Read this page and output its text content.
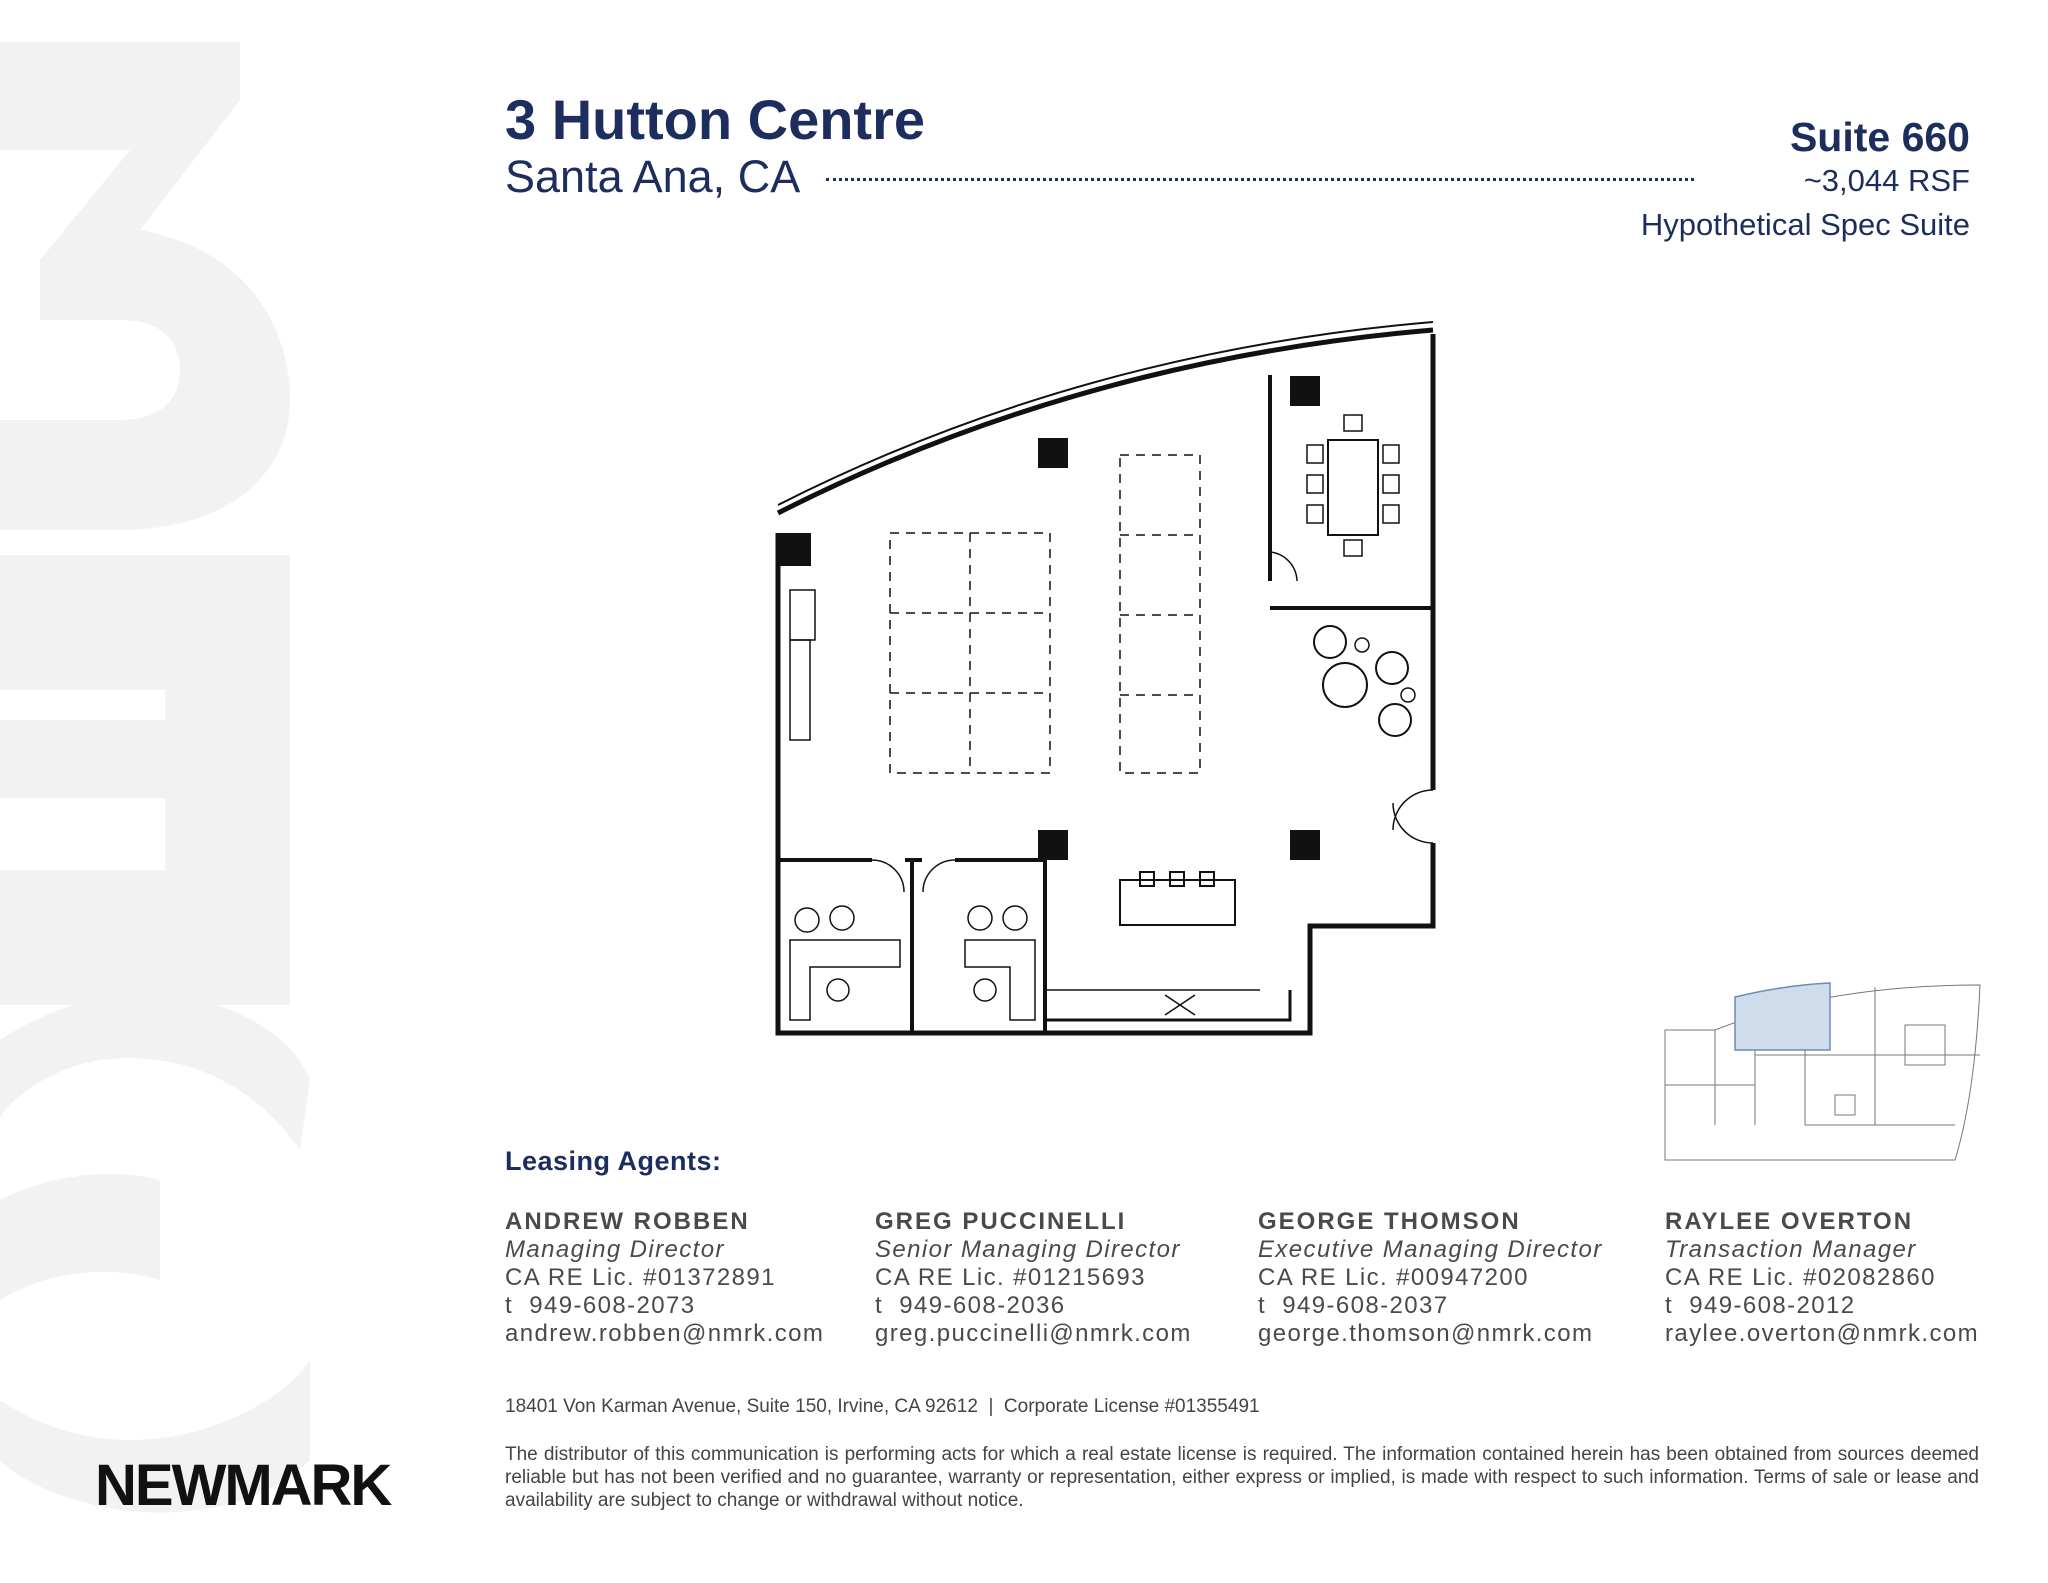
3 Hutton Centre
Santa Ana, CA
Suite 660
~3,044 RSF
Hypothetical Spec Suite
Leasing Agents:
ANDREW ROBBEN
Managing Director
CA RE Lic. #01372891
t  949-608-2073
andrew.robben@nmrk.com
GREG PUCCINELLI
Senior Managing Director
CA RE Lic. #01215693
t  949-608-2036
greg.puccinelli@nmrk.com
GEORGE THOMSON
Executive Managing Director
CA RE Lic. #00947200
t  949-608-2037
george.thomson@nmrk.com
RAYLEE OVERTON
Transaction Manager
CA RE Lic. #02082860
t  949-608-2012
raylee.overton@nmrk.com
18401 Von Karman Avenue, Suite 150, Irvine, CA 92612  |  Corporate License #01355491
The distributor of this communication is performing acts for which a real estate license is required. The information contained herein has been obtained from sources deemed reliable but has not been verified and no guarantee, warranty or representation, either express or implied, is made with respect to such information. Terms of sale or lease and availability are subject to change or withdrawal without notice.
NEWMARK
